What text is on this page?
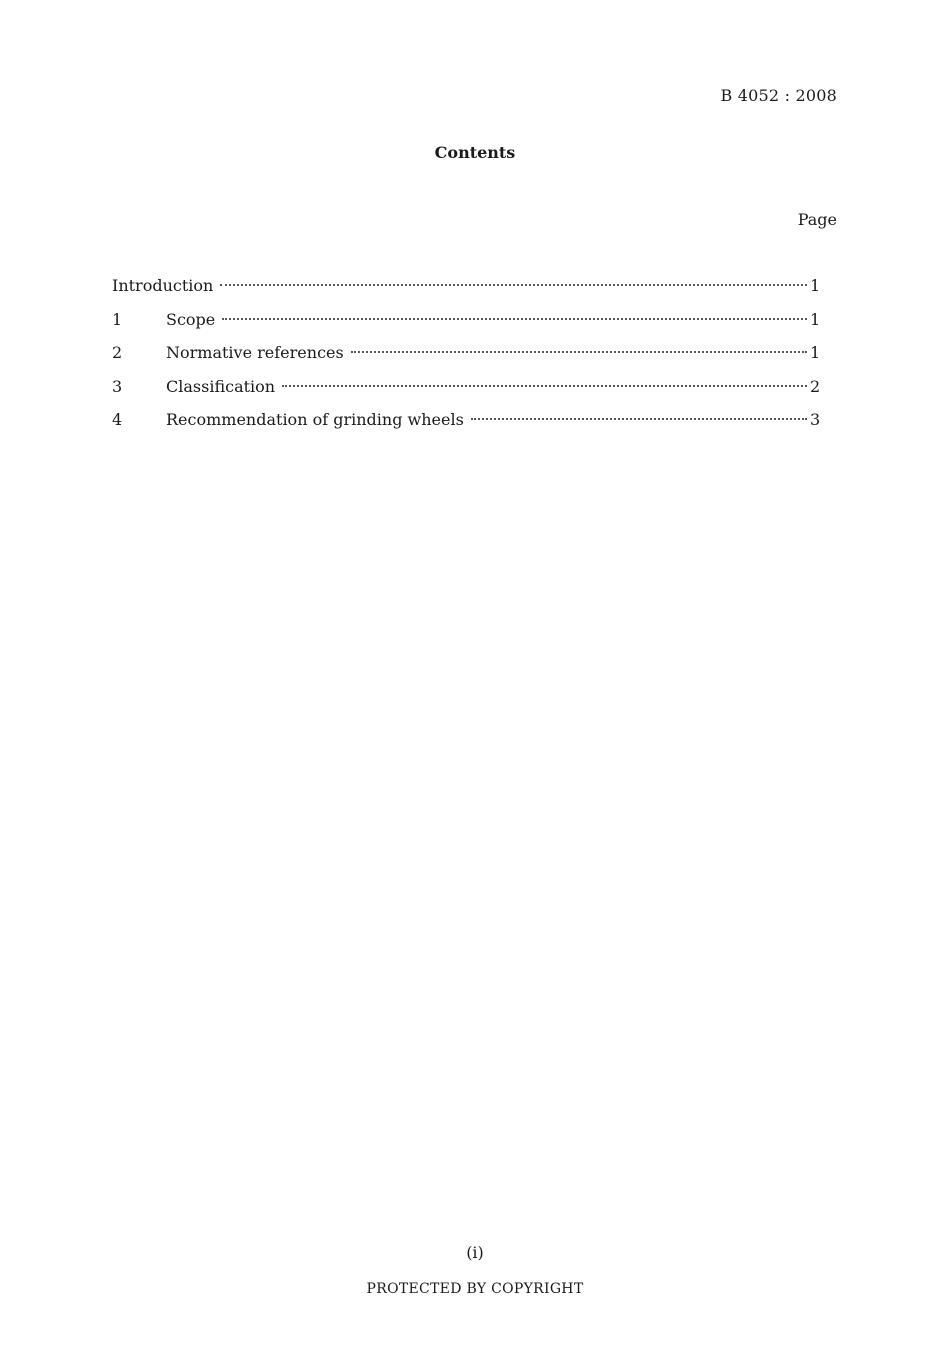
B 4052 : 2008
Contents
Page
Introduction	1
1	Scope	1
2	Normative references	1
3	Classification	2
4	Recommendation of grinding wheels	3
(i)
PROTECTED BY COPYRIGHT
